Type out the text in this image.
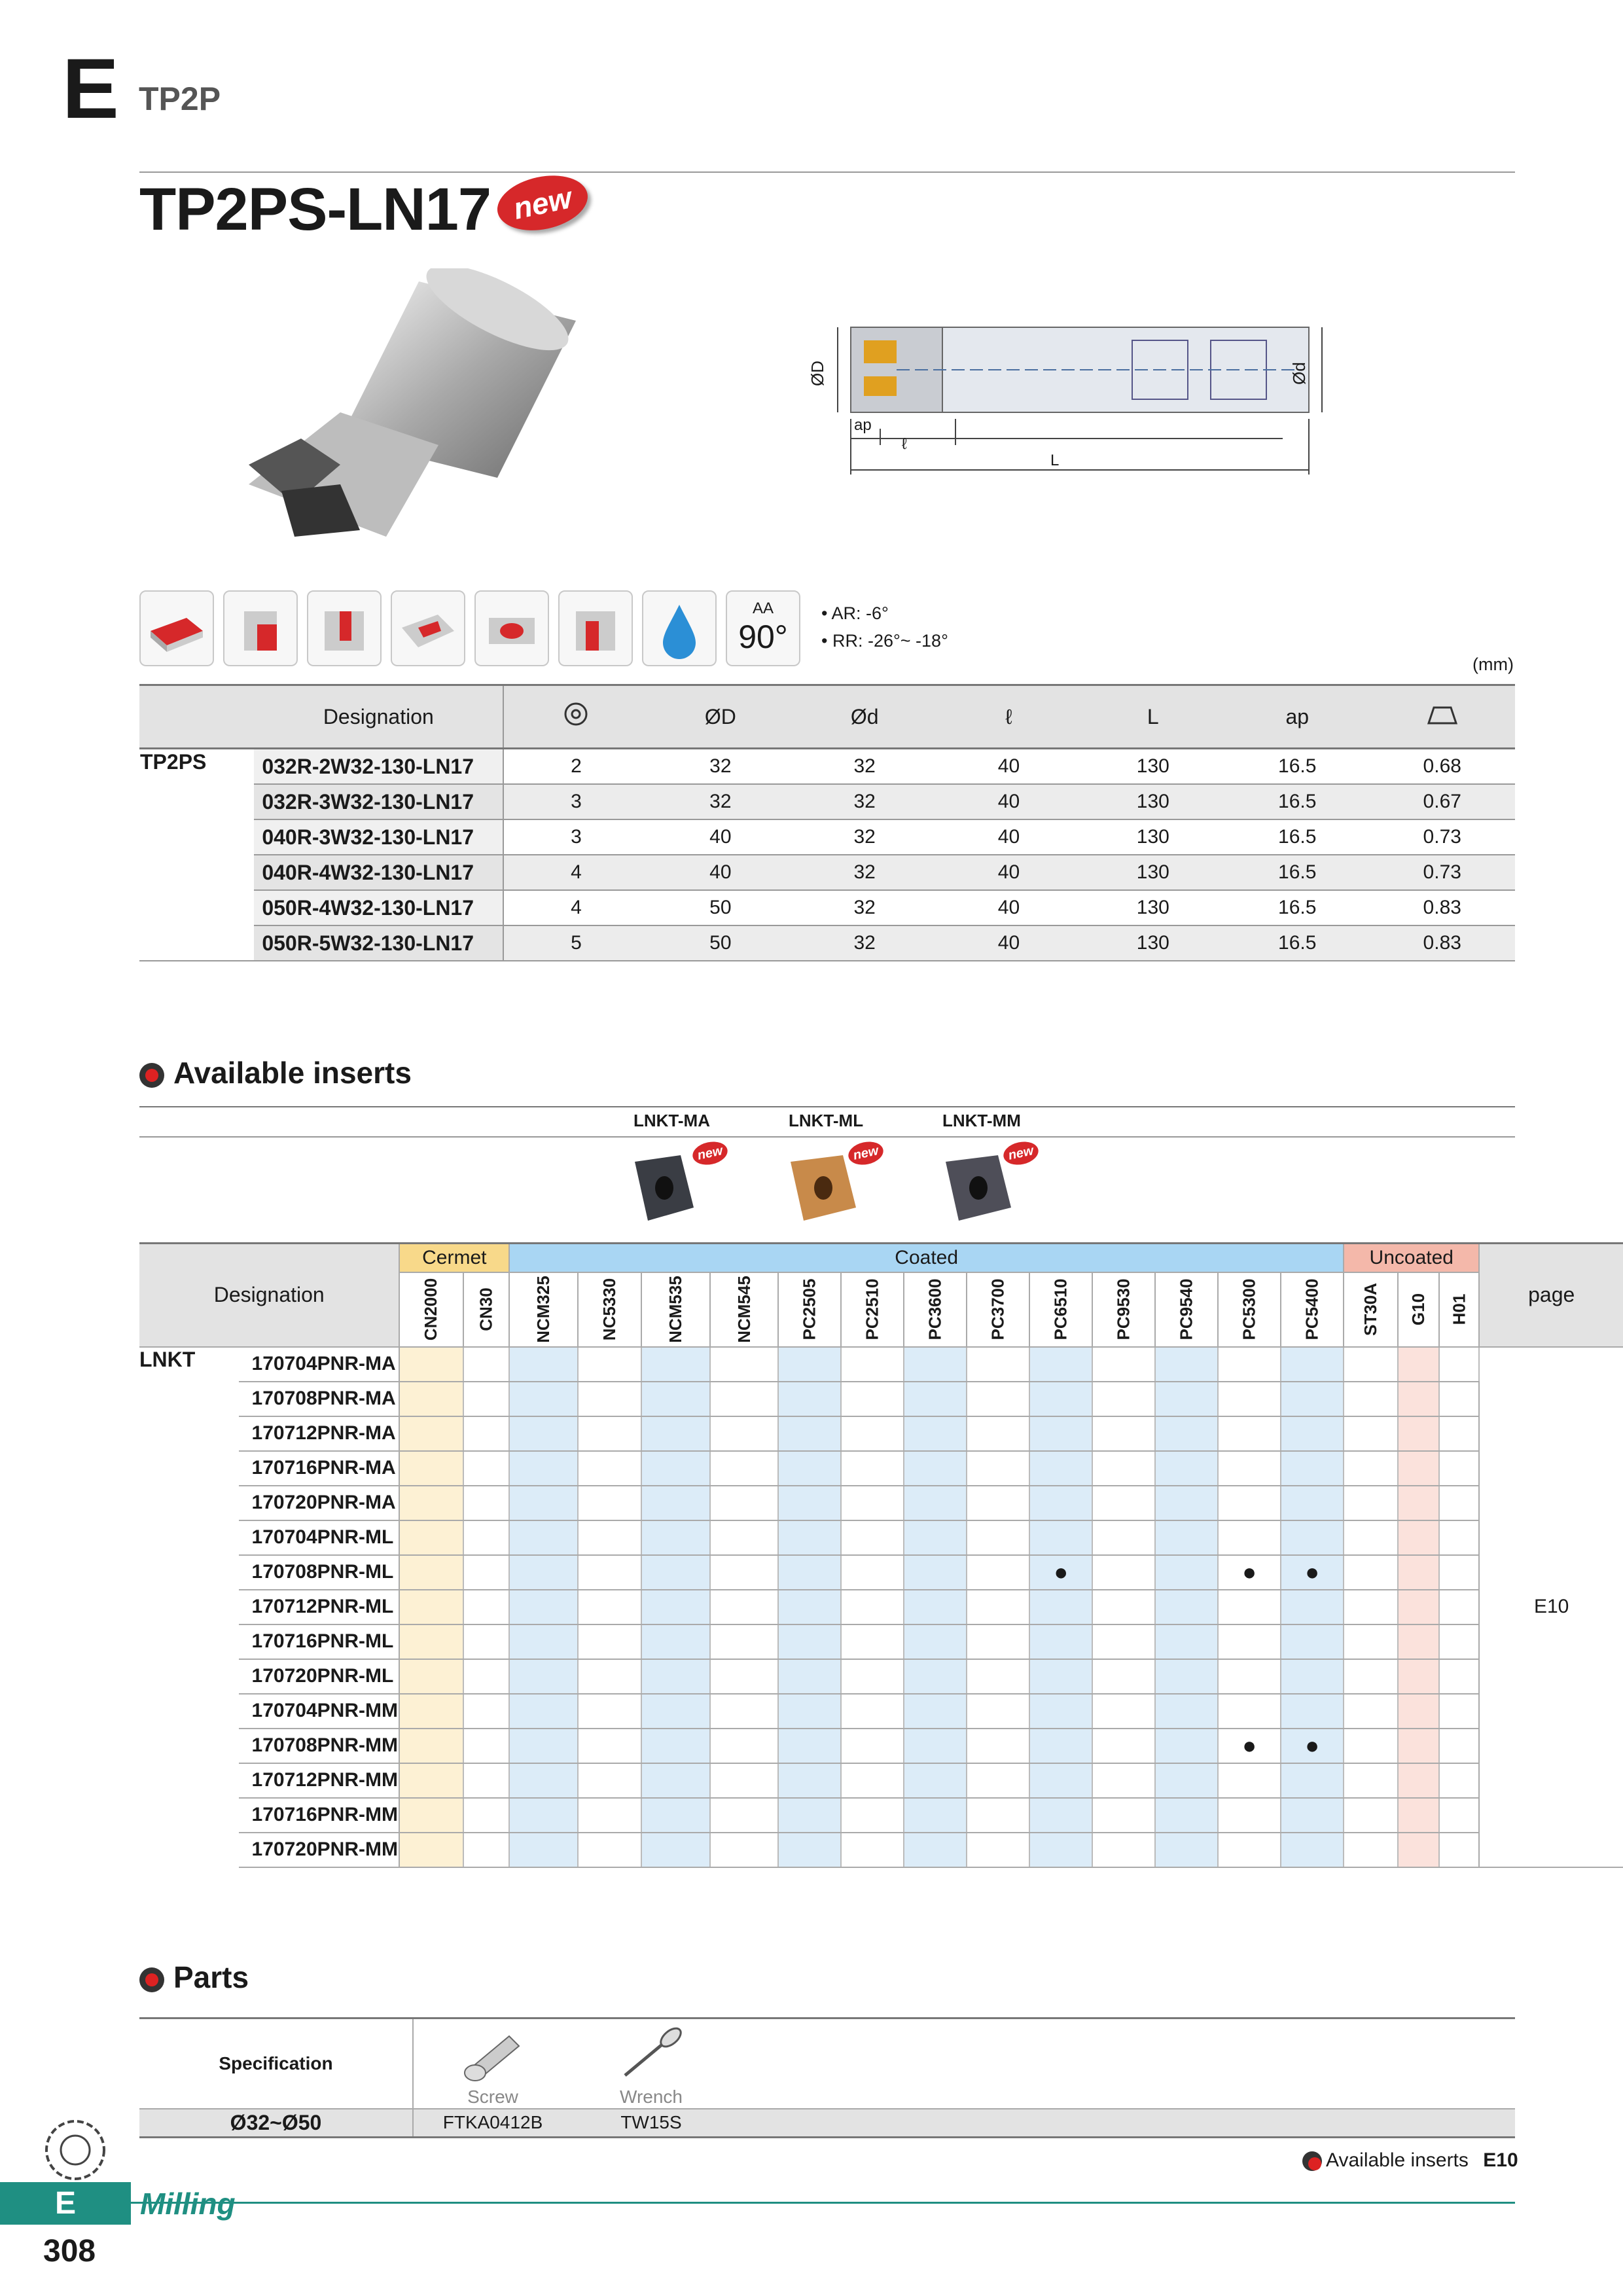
E TP2P
TP2PS-LN17 new
ØD	Ød
ap
ℓ
L
AA
90°
• AR: -6°
• RR: -26°~ -18°
(mm)
	Designation		ØD	Ød	ℓ	L	ap	
TP2PS	032R-2W32-130-LN17	2	32	32	40	130	16.5	0.68
	032R-3W32-130-LN17	3	32	32	40	130	16.5	0.67
	040R-3W32-130-LN17	3	40	32	40	130	16.5	0.73
	040R-4W32-130-LN17	4	40	32	40	130	16.5	0.73
	050R-4W32-130-LN17	4	50	32	40	130	16.5	0.83
	050R-5W32-130-LN17	5	50	32	40	130	16.5	0.83
Available inserts
LNKT-MA	LNKT-ML	LNKT-MM
new	new	new
Designation		Cermet		Coated													Uncoated			page

		CN2000	CN30	NCM325	NC5330	NCM535	NCM545	PC2505	PC2510	PC3600	PC3700	PC6510	PC9530	PC9540	PC5300	PC5400	ST30A	G10	H01	

LNKT	170704PNR-MA																			E10
	170708PNR-MA																			
	170712PNR-MA																			
	170716PNR-MA																			
	170720PNR-MA																			
	170704PNR-ML																			
	170708PNR-ML											●			●	●				
	170712PNR-ML																			
	170716PNR-ML																			
	170720PNR-ML																			
	170704PNR-MM																			
	170708PNR-MM														●	●				
	170712PNR-MM																			
	170716PNR-MM																			
	170720PNR-MM																			
Parts
Specification	Screw	Wrench	

Ø32~Ø50	FTKA0412B	TW15S	
Available inserts E10
E	Milling
308
